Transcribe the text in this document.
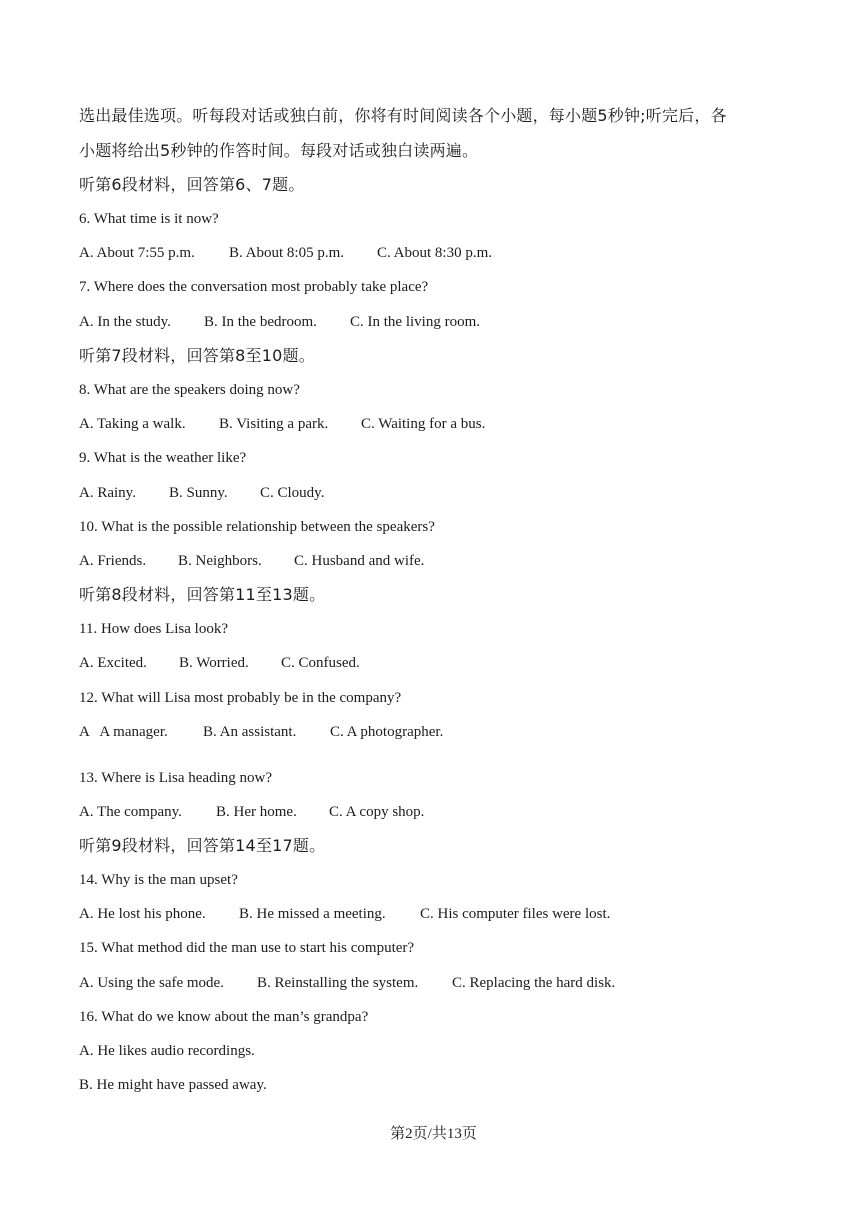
选出最佳选项。听每段对话或独白前，你将有时间阅读各个小题，每小题5秒钟;听完后，各
小题将给出5秒钟的作答时间。每段对话或独白读两遍。
听第6段材料，回答第6、7题。
6. What time is it now?
A. About 7:55 p.m. B. About 8:05 p.m. C. About 8:30 p.m.
7. Where does the conversation most probably take place?
A. In the study. B. In the bedroom. C. In the living room.
听第7段材料，回答第8至10题。
8. What are the speakers doing now?
A. Taking a walk. B. Visiting a park. C. Waiting for a bus.
9. What is the weather like?
A. Rainy. B. Sunny. C. Cloudy.
10. What is the possible relationship between the speakers?
A. Friends. B. Neighbors. C. Husband and wife.
听第8段材料，回答第11至13题。
11. How does Lisa look?
A. Excited. B. Worried. C. Confused.
12. What will Lisa most probably be in the company?
A   A manager. B. An assistant. C. A photographer.
13. Where is Lisa heading now?
A. The company. B. Her home. C. A copy shop.
听第9段材料，回答第14至17题。
14. Why is the man upset?
A. He lost his phone. B. He missed a meeting. C. His computer files were lost.
15. What method did the man use to start his computer?
A. Using the safe mode. B. Reinstalling the system. C. Replacing the hard disk.
16. What do we know about the man’s grandpa?
A. He likes audio recordings.
B. He might have passed away.
第2页/共13页
